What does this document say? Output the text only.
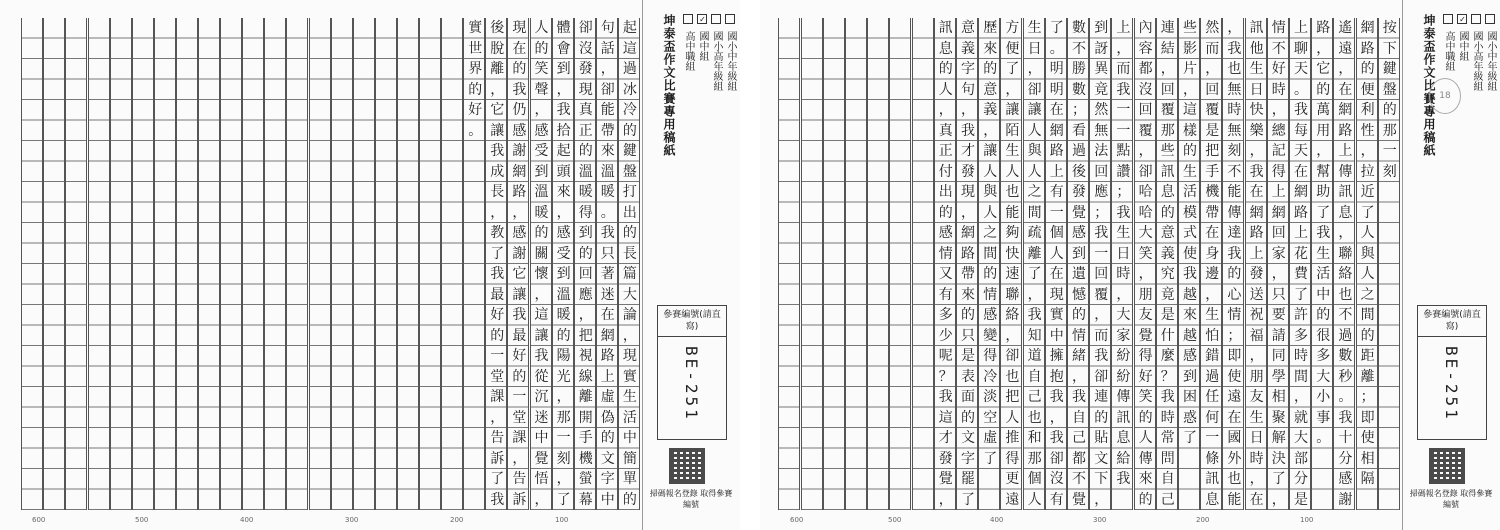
起
這
過
冰
冷
的
鍵
盤
打
出
的
長
篇
大
論
，
現
實
生
活
中
簡
單
的
句
話
，
卻
能
帶
來
溫
暖
。
我
只
著
迷
在
網
路
上
虛
偽
的
文
字
中
卻
沒
發
現
真
正
的
溫
暖
得
到
的
回
應
，
把
視
線
離
開
手
機
螢
幕
體
會
到
，
我
拾
起
頭
來
，
感
受
到
溫
暖
的
陽
光
，
那
一
刻
，
了
人
的
笑
聲
，
感
受
到
溫
暖
的
關
懷
，
這
讓
我
從
沉
迷
中
覺
悟
，
現
在
的
我
仍
感
謝
網
路
，
感
謝
它
讓
我
最
好
的
一
堂
課
，
告
訴
後
脫
離
，
它
讓
我
成
長
，
教
了
我
最
好
的
一
堂
課
，
告
訴
了
我
實
世
界
的
好
。
600	500	400	300	200	100
坤泰盃作文比賽專用稿紙	國小中年級組
國小高年級組
✓ 國中組
高中職組
參賽編號(請直寫)
BE-251
掃碼報名登錄 取得參賽編號
按
下
鍵
盤
的
那
一
刻
網
路
的
便
利
性
，
拉
近
了
人
與
人
之
間
的
距
離
；
即
使
相
隔
遙
遠
，
在
網
路
上
傳
訊
息
，
聯
絡
也
不
過
數
秒
。
我
十
分
感
謝
路
，
它
的
萬
用
，
幫
助
了
我
生
活
中
的
很
多
大
小
事
。
上
聊
天
。
我
每
天
在
網
路
上
花
費
了
許
多
時
間
，
就
大
部
分
是
情
不
好
時
，
總
記
得
上
網
回
家
，
只
要
請
同
學
相
聚
解
決
了
，
訊
他
生
日
快
樂
，
我
在
網
路
上
發
送
祝
福
，
朋
友
生
日
時
，
在
，
我
也
無
時
無
刻
不
能
傳
達
我
的
心
情
；
即
使
遠
在
國
外
也
能
然
而
，
回
覆
是
把
手
機
帶
在
身
邊
，
生
怕
錯
過
任
何
一
條
訊
息
些
影
片
，
這
樣
的
生
活
模
式
使
我
越
來
越
感
到
困
惑
了
連
結
，
回
覆
那
些
訊
息
的
意
義
究
竟
是
什
麼
？
我
時
常
問
自
己
內
容
都
沒
回
覆
，
卻
哈
哈
大
笑
，
朋
友
覺
得
好
笑
的
人
傳
來
的
上
，
而
我
一
一
點
讚
；
我
生
日
時
，
大
家
紛
紛
傳
訊
息
給
我
到
訝
異
竟
然
無
法
回
應
；
我
一
回
覆
，
而
我
卻
連
的
貼
文
下
，
數
不
勝
數
；
看
過
後
發
覺
感
到
遺
憾
的
情
緒
，
我
自
己
都
不
覺
了
。
明
明
在
網
路
上
有
一
個
人
在
現
實
中
擁
抱
我
，
我
卻
沒
有
生
日
，
卻
讓
人
與
人
之
間
疏
離
了
，
我
知
道
自
己
也
和
那
個
人
方
便
了
，
讓
陌
生
人
也
能
夠
快
速
聯
絡
，
卻
也
把
人
推
得
更
遠
歷
來
的
意
義
，
讓
人
與
人
之
間
的
情
感
變
得
冷
淡
空
虛
了
意
義
字
句
，
我
才
發
現
，
網
路
帶
來
的
只
是
表
面
的
文
字
罷
了
訊
息
的
人
，
真
正
付
出
的
感
情
又
有
多
少
呢
？
我
這
才
發
覺
，
600	500	400	300	200	100
坤泰盃作文比賽專用稿紙	國小中年級組
國小高年級組
✓ 國中組
高中職組
18
參賽編號(請直寫)
BE-251
掃碼報名登錄 取得參賽編號
